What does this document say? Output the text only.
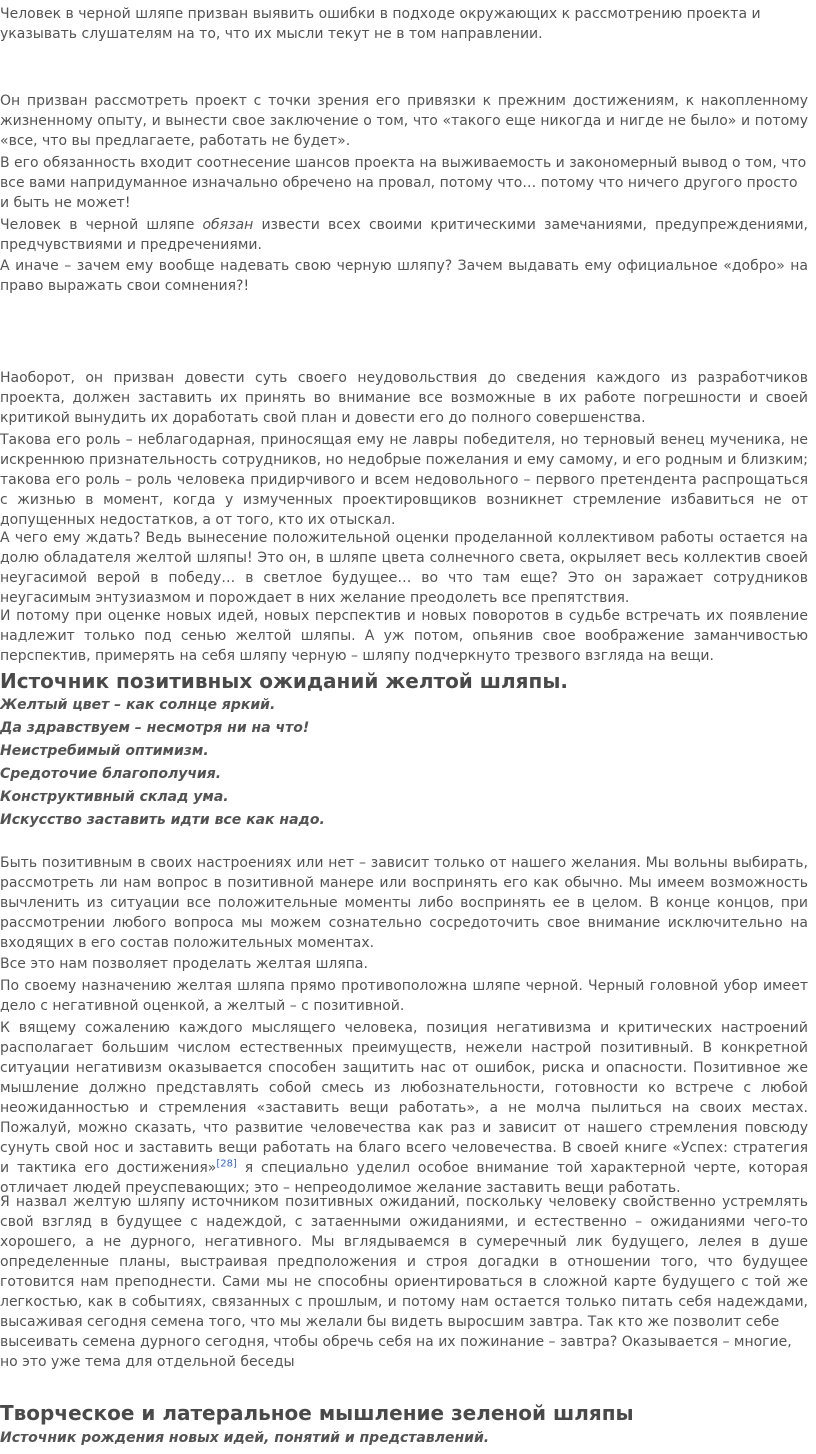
Человек в черной шляпе призван выявить ошибки в подходе окружающих к рассмотрению проекта и указывать слушателям на то, что их мысли текут не в том направлении.

Он призван рассмотреть проект с точки зрения его привязки к прежним достижениям, к накопленному жизненному опыту, и вынести свое заключение о том, что «такого еще никогда и нигде не было» и потому «все, что вы предлагаете, работать не будет».

В его обязанность входит соотнесение шансов проекта на выживаемость и закономерный вывод о том, что все вами напридуманное изначально обречено на провал, потому что… потому что ничего другого просто и быть не может!

Человек в черной шляпе обязан извести всех своими критическими замечаниями, предупреждениями, предчувствиями и предречениями.

А иначе – зачем ему вообще надевать свою черную шляпу? Зачем выдавать ему официальное «добро» на право выражать свои сомнения?!

Наоборот, он призван довести суть своего неудовольствия до сведения каждого из разработчиков проекта, должен заставить их принять во внимание все возможные в их работе погрешности и своей критикой вынудить их доработать свой план и довести его до полного совершенства.

Такова его роль – неблагодарная, приносящая ему не лавры победителя, но терновый венец мученика, не искреннюю признательность сотрудников, но недобрые пожелания и ему самому, и его родным и близким; такова его роль – роль человека придирчивого и всем недовольного – первого претендента распрощаться с жизнью в момент, когда у измученных проектировщиков возникнет стремление избавиться не от допущенных недостатков, а от того, кто их отыскал.

А чего ему ждать? Ведь вынесение положительной оценки проделанной коллективом работы остается на долю обладателя желтой шляпы! Это он, в шляпе цвета солнечного света, окрыляет весь коллектив своей неугасимой верой в победу… в светлое будущее… во что там еще? Это он заражает сотрудников неугасимым энтузиазмом и порождает в них желание преодолеть все препятствия.

И потому при оценке новых идей, новых перспектив и новых поворотов в судьбе встречать их появление надлежит только под сенью желтой шляпы. А уж потом, опьянив свое воображение заманчивостью перспектив, примерять на себя шляпу черную – шляпу подчеркнуто трезвого взгляда на вещи.

Источник позитивных ожиданий желтой шляпы.
Желтый цвет – как солнце яркий.
Да здравствуем – несмотря ни на что!
Неистребимый оптимизм.
Средоточие благополучия.
Конструктивный склад ума.
Искусство заставить идти все как надо.

Быть позитивным в своих настроениях или нет – зависит только от нашего желания. Мы вольны выбирать, рассмотреть ли нам вопрос в позитивной манере или воспринять его как обычно. Мы имеем возможность вычленить из ситуации все положительные моменты либо воспринять ее в целом. В конце концов, при рассмотрении любого вопроса мы можем сознательно сосредоточить свое внимание исключительно на входящих в его состав положительных моментах.

Все это нам позволяет проделать желтая шляпа.

По своему назначению желтая шляпа прямо противоположна шляпе черной. Черный головной убор имеет дело с негативной оценкой, а желтый – с позитивной.

К вящему сожалению каждого мыслящего человека, позиция негативизма и критических настроений располагает большим числом естественных преимуществ, нежели настрой позитивный. В конкретной ситуации негативизм оказывается способен защитить нас от ошибок, риска и опасности. Позитивное же мышление должно представлять собой смесь из любознательности, готовности ко встрече с любой неожиданностью и стремления «заставить вещи работать», а не молча пылиться на своих местах. Пожалуй, можно сказать, что развитие человечества как раз и зависит от нашего стремления повсюду сунуть свой нос и заставить вещи работать на благо всего человечества. В своей книге «Успех: стратегия и тактика его достижения»[28] я специально уделил особое внимание той характерной черте, которая отличает людей преуспевающих; это – непреодолимое желание заставить вещи работать.

Я назвал желтую шляпу источником позитивных ожиданий, поскольку человеку свойственно устремлять свой взгляд в будущее с надеждой, с затаенными ожиданиями, и естественно – ожиданиями чего-то хорошего, а не дурного, негативного. Мы вглядываемся в сумеречный лик будущего, лелея в душе определенные планы, выстраивая предположения и строя догадки в отношении того, что будущее готовится нам преподнести. Сами мы не способны ориентироваться в сложной карте будущего с той же легкостью, как в событиях, связанных с прошлым, и потому нам остается только питать себя надеждами, высаживая сегодня семена того, что мы желали бы видеть выросшим завтра. Так кто же позволит себе

высеивать семена дурного сегодня, чтобы обречь себя на их пожинание – завтра? Оказывается – многие, но это уже тема для отдельной беседы

Творческое и латеральное мышление зеленой шляпы
Источник рождения новых идей, понятий и представлений.
